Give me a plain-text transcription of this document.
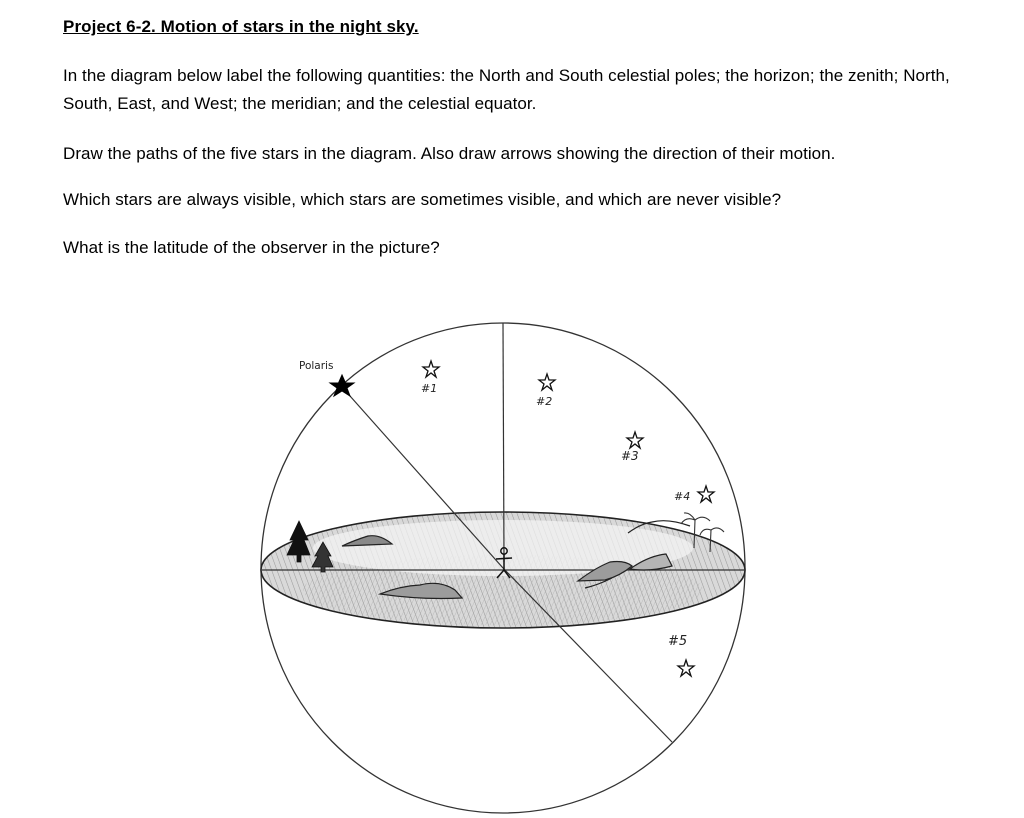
Project 6-2. Motion of stars in the night sky.
In the diagram below label the following quantities: the North and South celestial poles; the horizon; the zenith; North, South, East, and West; the meridian; and the celestial equator.
Draw the paths of the five stars in the diagram. Also draw arrows showing the direction of their motion.
Which stars are always visible, which stars are sometimes visible, and which are never visible?
What is the latitude of the observer in the picture?
Polaris
#1
#2
#3
#4
#5
